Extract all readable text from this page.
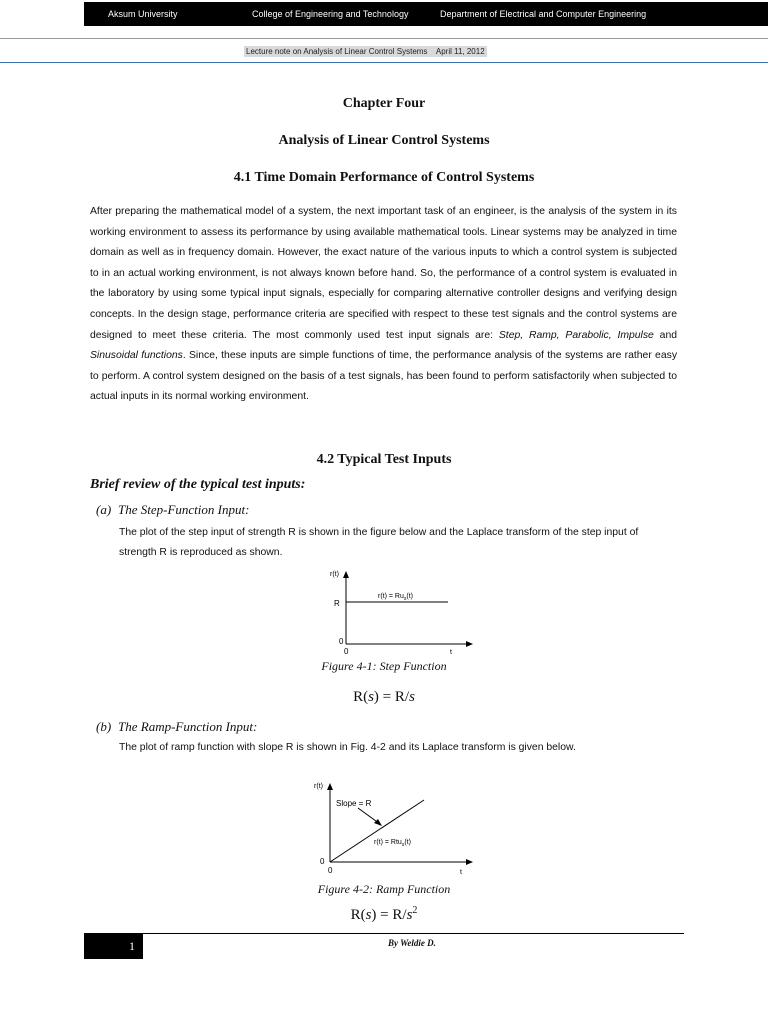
Aksum University	College of Engineering and Technology	Department of Electrical and Computer Engineering
Lecture note on Analysis of Linear Control Systems    April 11, 2012
Chapter Four
Analysis of Linear Control Systems
4.1 Time Domain Performance of Control Systems
After preparing the mathematical model of a system, the next important task of an engineer, is the analysis of the system in its working environment to assess its performance by using available mathematical tools. Linear systems may be analyzed in time domain as well as in frequency domain. However, the exact nature of the various inputs to which a control system is subjected to in an actual working environment, is not always known before hand. So, the performance of a control system is evaluated in the laboratory by using some typical input signals, especially for comparing alternative controller designs and verifying design concepts. In the design stage, performance criteria are specified with respect to these test signals and the control systems are designed to meet these criteria. The most commonly used test input signals are: Step, Ramp, Parabolic, Impulse and Sinusoidal functions. Since, these inputs are simple functions of time, the performance analysis of the systems are rather easy to perform. A control system designed on the basis of a test signals, has been found to perform satisfactorily when subjected to actual inputs in its normal working environment.
4.2 Typical Test Inputs
Brief review of the typical test inputs:
(a) The Step-Function Input:
The plot of the step input of strength R is shown in the figure below and the Laplace transform of the step input of strength R is reproduced as shown.
r(t)
R
$r(t) = Ru_s(t)$
0
0	t
Figure 4-1: Step Function
R(s) = R/s
(b) The Ramp-Function Input:
The plot of ramp function with slope R is shown in Fig. 4-2 and its Laplace transform is given below.
r(t)
Slope = R
r(t) = Rtu$_s$(t)
0
0	t
Figure 4-2: Ramp Function
$R(s) = R/s^2$
1	By Weldie D.
